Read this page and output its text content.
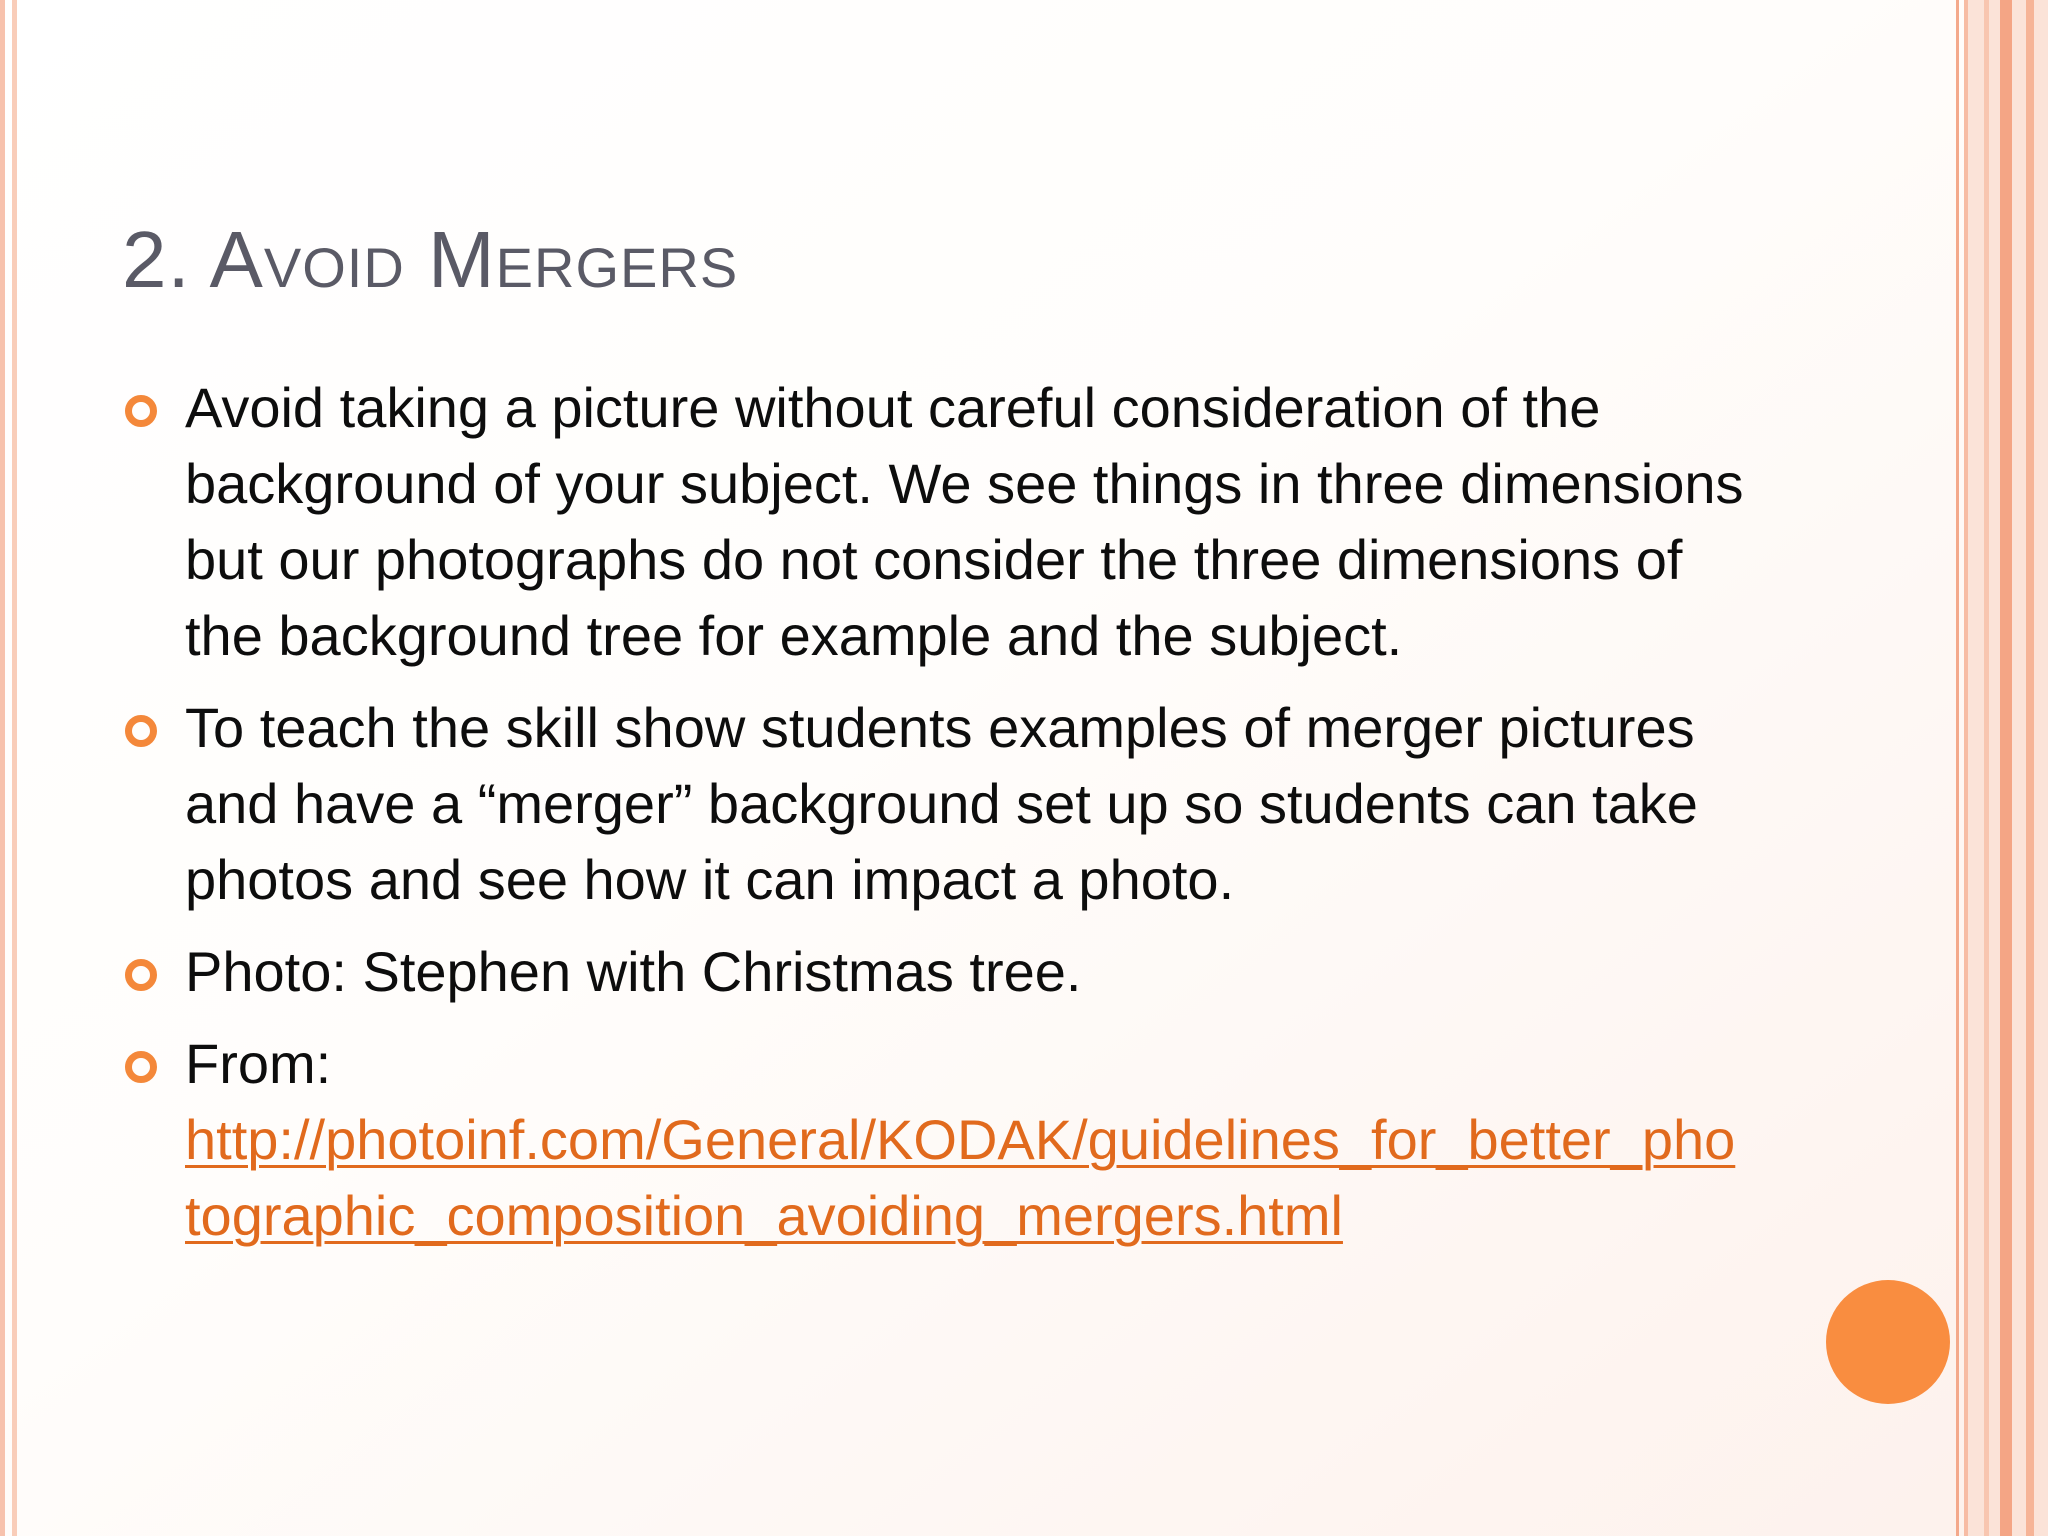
2. Avoid Mergers
Avoid taking a picture without careful consideration of the background of your subject. We see things in three dimensions but our photographs do not consider the three dimensions of the background tree for example and the subject.
To teach the skill show students examples of merger pictures and have a “merger” background set up so students can take photos and see how it can impact a photo.
Photo: Stephen with Christmas tree.
From:
http://photoinf.com/General/KODAK/guidelines_for_better_photographic_composition_avoiding_mergers.html
